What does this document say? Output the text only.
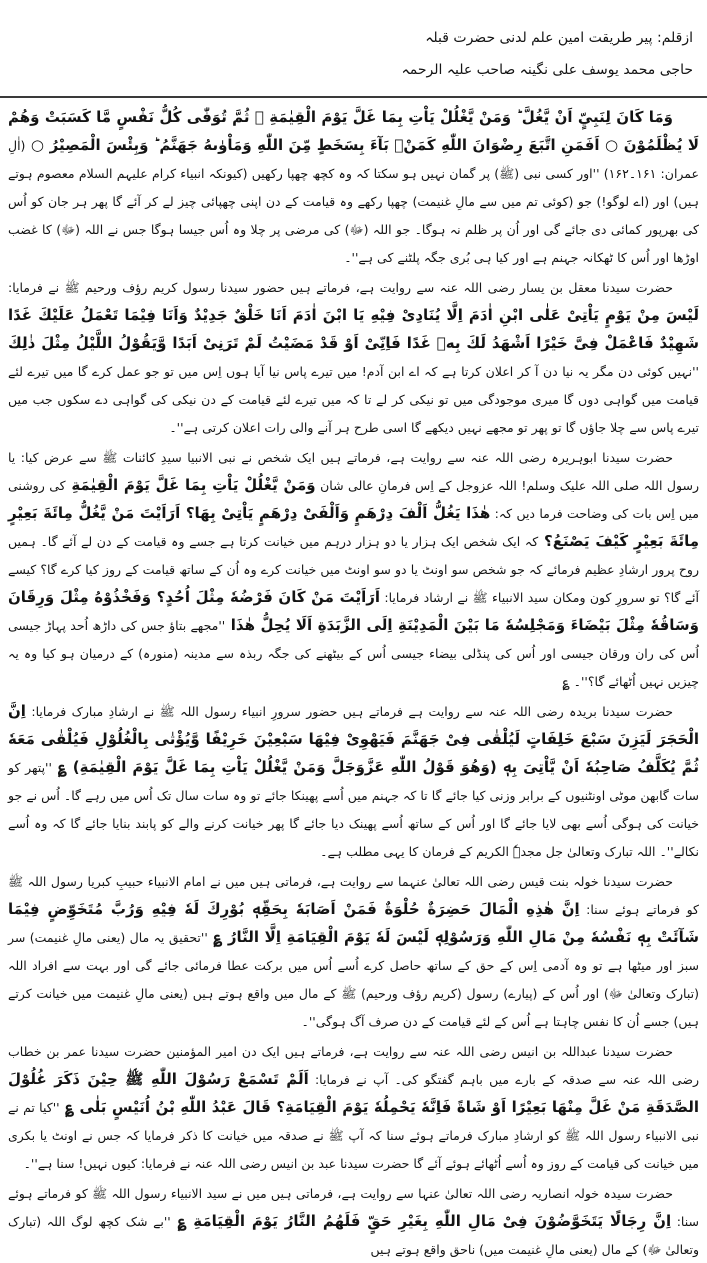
ازقلم: پیر طریقت امین علم لدنی حضرت قبلہ
حاجی محمد یوسف علی نگینہ صاحب علیہ الرحمہ

وَمَا كَانَ لِنَبِيٍّ اَنْ يَّغُلَّ ؕ وَمَنْ يَّغْلُلْ يَاْتِ بِمَا غَلَّ يَوْمَ الْقِيٰمَةِ ۚ ثُمَّ تُوَفّٰى كُلُّ نَفْسٍ مَّا كَسَبَتْ وَهُمْ لَا يُظْلَمُوْنَ ○ اَفَمَنِ اتَّبَعَ رِضْوَانَ اللّٰهِ كَمَنْۢ بَآءَ بِسَخَطٍ مِّنَ اللّٰهِ وَمَاْوٰىهُ جَهَنَّمُ ؕ وَبِئْسَ الْمَصِيْرُ ○ (اٰلِ عمران: ۱۶۱۔۱۶۲) ''اور کسی نبی (ﷺ) پر گمان نہیں ہو سکتا کہ وہ کچھ چھپا رکھیں (کیونکہ انبیاء کرام علیہم السلام معصوم ہوتے ہیں) اور (اے لوگو!) جو (کوئی تم میں سے مالِ غنیمت) چھپا رکھے وہ قیامت کے دن اپنی چھپائی چیز لے کر آئے گا پھر ہر جان کو اُس کی بھرپور کمائی دی جائے گی اور اُن پر ظلم نہ ہوگا۔ جو اللہ (ﷻ) کی مرضی پر چلا وہ اُس جیسا ہوگا جس نے اللہ (ﷻ) کا غضب اوڑھا اور اُس کا ٹھکانہ جہنم ہے اور کیا ہی بُری جگہ پلٹنے کی ہے''۔

حضرت سیدنا معقل بن یسار رضی اللہ عنہ سے روایت ہے، فرماتے ہیں حضور سیدنا رسول کریم رؤف ورحیم ﷺ نے فرمایا: لَيْسَ مِنْ يَوْمٍ يَاْتِىْ عَلٰى ابْنِ اٰدَمَ اِلَّا يُنَادِىْ فِيْهِ يَا ابْنَ اٰدَمَ اَنَا خَلْقٌ جَدِيْدٌ وَاَنَا فِيْمَا تَعْمَلُ عَلَيْكَ غَدًا شَهِيْدٌ فَاعْمَلْ فِىَّ خَيْرًا اَشْهَدُ لَكَ بِهٖ غَدًا فَاِنِّىْ اَوْ قَدْ مَضَيْتُ لَمْ تَرَنِىْ اَبَدًا وَّيَقُوْلُ اللَّيْلُ مِثْلَ ذٰلِكَ ''نہیں کوئی دن مگر یہ نیا دن آ کر اعلان کرتا ہے کہ اے ابن آدم! میں تیرے پاس نیا آیا ہوں اِس میں تو جو عمل کرے گا میں تیرے لئے قیامت میں گواہی دوں گا میری موجودگی میں تو نیکی کر لے تا کہ میں تیرے لئے قیامت کے دن نیکی کی گواہی دے سکوں جب میں تیرے پاس سے چلا جاؤں گا تو پھر تو مجھے نہیں دیکھے گا اسی طرح ہر آنے والی رات اعلان کرتی ہے''۔

حضرت سیدنا ابوہریرہ رضی اللہ عنہ سے روایت ہے، فرماتے ہیں ایک شخص نے نبی الانبیا سیدِ کائنات ﷺ سے عرض کیا: یا رسول اللہ صلی اللہ علیک وسلم! اللہ عزوجل کے اِس فرمانِ عالی شان وَمَنْ يَّغْلُلْ يَاْتِ بِمَا غَلَّ يَوْمَ الْقِيٰمَةِ کی روشنی میں اِس بات کی وضاحت فرما دیں کہ: هٰذَا يَغُلُّ اَلْفَ دِرْهَمٍ وَاَلْفَىْ دِرْهَمٍ يَاْتِىْ بِهَا؟ اَرَاَيْتَ مَنْ يَّغُلُّ مِائَةَ بَعِيْرٍ مِائَةَ بَعِيْرٍ كَيْفَ يَصْنَعُ؟ کہ ایک شخص ایک ہزار یا دو ہزار درہم میں خیانت کرتا ہے جسے وہ قیامت کے دن لے آئے گا۔ ہمیں روح پرور ارشادِ عظیم فرمائے کہ جو شخص سو اونٹ یا دو سو اونٹ میں خیانت کرے وہ اُن کے ساتھ قیامت کے روز کیا کرے گا؟ کیسے آئے گا؟ تو سرورِ کون ومکان سید الانبیاء ﷺ نے ارشاد فرمایا: اَرَاَيْتَ مَنْ كَانَ فَرْضُهٗ مِثْلَ اُحُدٍ؟ وَفَخْذُوْهُ مِثْلَ وَرِقَانَ وَسَاقُهٗ مِثْلَ بَيْضَاءَ وَمَجْلِسُهٗ مَا بَيْنَ الْمَدِيْنَةِ اِلَى الزَّبَدَةِ اَلَا يُحِلُّ هٰذَا ''مجھے بتاؤ جس کی داڑھ اُحد پہاڑ جیسی اُس کی ران ورقان جیسی اور اُس کی پنڈلی بیضاء جیسی اُس کے بیٹھنے کی جگہ ربذہ سے مدینہ (منورہ) کے درمیان ہو کیا وہ یہ چیزیں نہیں اُٹھائے گا؟''۔ ؏

حضرت سیدنا بریدہ رضی اللہ عنہ سے روایت ہے فرماتے ہیں حضور سرورِ انبیاء رسول اللہ ﷺ نے ارشادِ مبارک فرمایا: اِنَّ الْحَجَرَ لَيَزِنَ سَبْعَ خَلِفَاتٍ لَيُلْقٰى فِىْ جَهَنَّمَ فَيَهْوِىْ فِيْهَا سَبْعِيْنَ خَرِيْفًا وَّيُؤْتٰى بِالْغُلُوْلِ فَيُلْقٰى مَعَهٗ ثُمَّ يُكَلَّفُ صَاحِبُهٗ اَنْ يَّاْتِىَ بِهٖ (وَهُوَ قَوْلُ اللّٰهِ عَزَّوَجَلَّ وَمَنْ يَّغْلُلْ يَاْتِ بِمَا غَلَّ يَوْمَ الْقِيٰمَةِ) ؏ ''پتھر کو سات گابھن موٹی اونٹنیوں کے برابر وزنی کیا جائے گا تا کہ جہنم میں اُسے پھینکا جائے تو وہ سات سال تک اُس میں رہے گا۔ اُس نے جو خیانت کی ہوگی اُسے بھی لایا جائے گا اور اُس کے ساتھ اُسے پھینک دیا جائے گا پھر خیانت کرنے والے کو پابند بنایا جائے گا کہ وہ اُسے نکالے''۔ اللہ تبارک وتعالیٰ جل مجدہٗ الکریم کے فرمان کا یہی مطلب ہے۔

حضرت سیدنا خولہ بنت قیس رضی اللہ تعالیٰ عنہما سے روایت ہے، فرماتی ہیں میں نے امام الانبیاء حبیبِ کبریا رسول اللہ ﷺ کو فرماتے ہوئے سنا: اِنَّ هٰذِهِ الْمَالَ حَضِرَةٌ حُلْوَةٌ فَمَنْ اَصَابَهٗ بِحَقِّهٖ بُوْرِكَ لَهٗ فِيْهِ وَرُبَّ مُتَخَوِّضٍ فِيْمَا شَآئَتْ بِهٖ نَفْسُهٗ مِنْ مَالِ اللّٰهِ وَرَسُوْلِهٖ لَيْسَ لَهٗ يَوْمَ الْقِيَامَةِ اِلَّا النَّارُ ؏ ''تحقیق یہ مال (یعنی مالِ غنیمت) سر سبز اور میٹھا ہے تو وہ آدمی اِس کے حق کے ساتھ حاصل کرے اُسے اُس میں برکت عطا فرمائی جائے گی اور بہت سے افراد اللہ (تبارک وتعالیٰ ﷻ) اور اُس کے (پیارے) رسول (کریم رؤف ورحیم) ﷺ کے مال میں واقع ہوتے ہیں (یعنی مالِ غنیمت میں خیانت کرتے ہیں) جسے اُن کا نفس چاہتا ہے اُس کے لئے قیامت کے دن صرف آگ ہوگی''۔

حضرت سیدنا عبداللہ بن انیس رضی اللہ عنہ سے روایت ہے، فرماتے ہیں ایک دن امیر المؤمنین حضرت سیدنا عمر بن خطاب رضی اللہ عنہ سے صدقہ کے بارے میں باہم گفتگو کی۔ آپ نے فرمایا: اَلَمْ تَسْمَعْ رَسُوْلَ اللّٰهِ ﷺ حِيْنَ ذَكَرَ غُلُوْلَ الصَّدَقَةِ مَنْ غَلَّ مِنْهَا بَعِيْرًا اَوْ شَاةً فَاِنَّهٗ يَحْمِلُهٗ يَوْمَ الْقِيَامَةِ؟ قَالَ عَبْدُ اللّٰهِ بْنُ اُنَيْسٍ بَلٰى ؏ ''کیا تم نے نبی الانبیاء رسول اللہ ﷺ کو ارشادِ مبارک فرماتے ہوئے سنا کہ آپ ﷺ نے صدقہ میں خیانت کا ذکر فرمایا کہ جس نے اونٹ یا بکری میں خیانت کی قیامت کے روز وہ اُسے اُٹھائے ہوئے آئے گا حضرت سیدنا عبد بن انیس رضی اللہ عنہ نے فرمایا: کیوں نہیں! سنا ہے''۔

حضرت سیدہ خولہ انصاریہ رضی اللہ تعالیٰ عنہا سے روایت ہے، فرماتی ہیں میں نے سید الانبیاء رسول اللہ ﷺ کو فرماتے ہوئے سنا: اِنَّ رِجَالًا يَتَخَوَّضُوْنَ فِىْ مَالِ اللّٰهِ بِغَيْرِ حَقٍّ فَلَهُمُ النَّارُ يَوْمَ الْقِيَامَةِ ؏ ''بے شک کچھ لوگ اللہ (تبارک وتعالیٰ ﷻ) کے مال (یعنی مالِ غنیمت میں) ناحق واقع ہوتے ہیں
